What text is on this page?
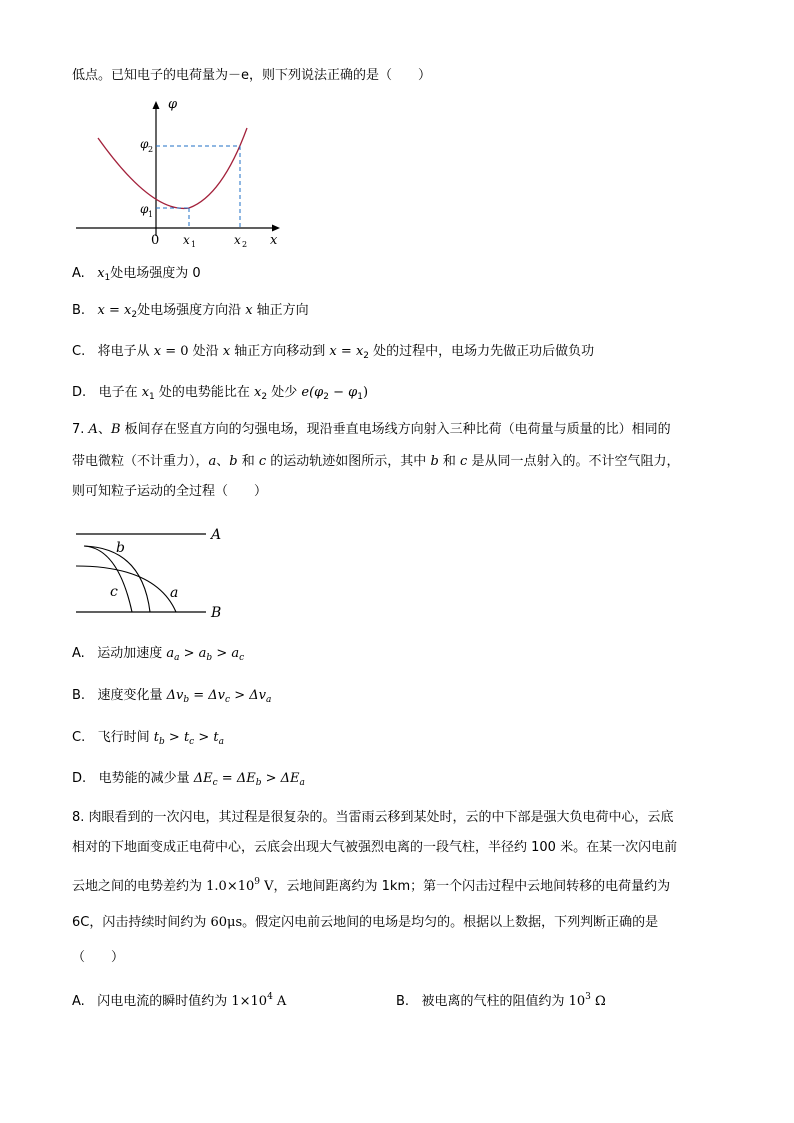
低点。已知电子的电荷量为－e，则下列说法正确的是（　　）
φ
φ 2
φ 1
0 x 1	x 2 x
A. $x_1$处电场强度为 0
B. $x = x_2$处电场强度方向沿 x 轴正方向
C. 将电子从 x = 0 处沿 x 轴正方向移动到 $x = x_2$ 处的过程中，电场力先做正功后做负功
D. 电子在 $x_1$ 处的电势能比在 $x_2$ 处少 $e(\varphi_2 - \varphi_1)$
7. A、B 板间存在竖直方向的匀强电场，现沿垂直电场线方向射入三种比荷（电荷量与质量的比）相同的
带电微粒（不计重力），a、b 和 c 的运动轨迹如图所示，其中 b 和 c 是从同一点射入的。不计空气阻力，
则可知粒子运动的全过程（　　）
A
B
b
c	a
A. 运动加速度 $a_a > a_b > a_c$
B. 速度变化量 $\Delta v_b = \Delta v_c > \Delta v_a$
C. 飞行时间 $t_b > t_c > t_a$
D. 电势能的减少量 $\Delta E_c = \Delta E_b > \Delta E_a$
8. 肉眼看到的一次闪电，其过程是很复杂的。当雷雨云移到某处时，云的中下部是强大负电荷中心，云底
相对的下地面变成正电荷中心，云底会出现大气被强烈电离的一段气柱，半径约 100 米。在某一次闪电前
云地之间的电势差约为 $1.0\times 10^9$ V，云地间距离约为 1km；第一个闪击过程中云地间转移的电荷量约为
6C，闪击持续时间约为 60μs。假定闪电前云地间的电场是均匀的。根据以上数据，下列判断正确的是
（　　）
A. 闪电电流的瞬时值约为 $1\times 10^4$ A	B. 被电离的气柱的阻值约为 $10^3$ Ω
